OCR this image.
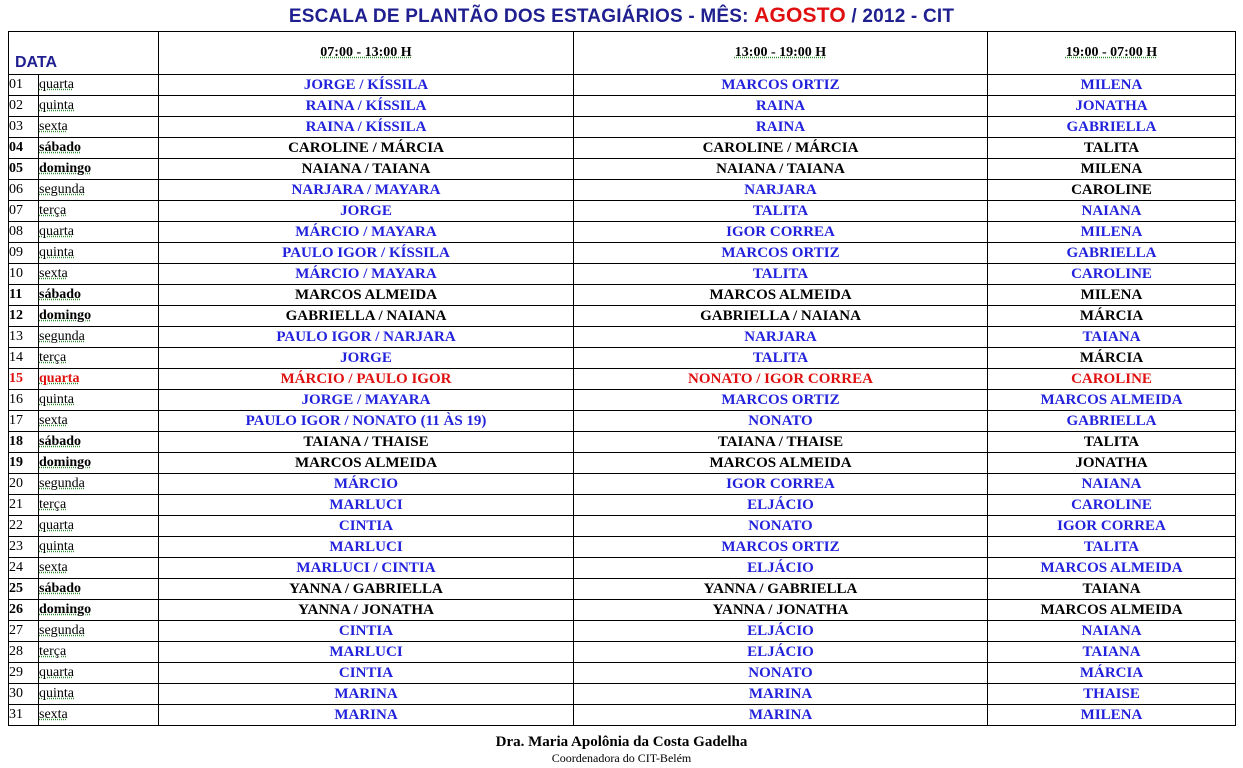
ESCALA DE PLANTÃO DOS ESTAGIÁRIOS - MÊS: AGOSTO / 2012 - CIT
DATA		07:00 - 13:00 H	13:00 - 19:00 H	19:00 - 07:00 H
01	quarta	JORGE / KÍSSILA	MARCOS ORTIZ	MILENA
02	quinta	RAINA / KÍSSILA	RAINA	JONATHA
03	sexta	RAINA / KÍSSILA	RAINA	GABRIELLA
04	sábado	CAROLINE / MÁRCIA	CAROLINE / MÁRCIA	TALITA
05	domingo	NAIANA / TAIANA	NAIANA / TAIANA	MILENA
06	segunda	NARJARA / MAYARA	NARJARA	CAROLINE
07	terça	JORGE	TALITA	NAIANA
08	quarta	MÁRCIO / MAYARA	IGOR CORREA	MILENA
09	quinta	PAULO IGOR / KÍSSILA	MARCOS ORTIZ	GABRIELLA
10	sexta	MÁRCIO / MAYARA	TALITA	CAROLINE
11	sábado	MARCOS ALMEIDA	MARCOS ALMEIDA	MILENA
12	domingo	GABRIELLA / NAIANA	GABRIELLA / NAIANA	MÁRCIA
13	segunda	PAULO IGOR / NARJARA	NARJARA	TAIANA
14	terça	JORGE	TALITA	MÁRCIA
15	quarta	MÁRCIO / PAULO IGOR	NONATO / IGOR CORREA	CAROLINE
16	quinta	JORGE / MAYARA	MARCOS ORTIZ	MARCOS ALMEIDA
17	sexta	PAULO IGOR / NONATO (11 ÀS 19)	NONATO	GABRIELLA
18	sábado	TAIANA / THAISE	TAIANA / THAISE	TALITA
19	domingo	MARCOS ALMEIDA	MARCOS ALMEIDA	JONATHA
20	segunda	MÁRCIO	IGOR CORREA	NAIANA
21	terça	MARLUCI	ELJÁCIO	CAROLINE
22	quarta	CINTIA	NONATO	IGOR CORREA
23	quinta	MARLUCI	MARCOS ORTIZ	TALITA
24	sexta	MARLUCI / CINTIA	ELJÁCIO	MARCOS ALMEIDA
25	sábado	YANNA / GABRIELLA	YANNA / GABRIELLA	TAIANA
26	domingo	YANNA / JONATHA	YANNA / JONATHA	MARCOS ALMEIDA
27	segunda	CINTIA	ELJÁCIO	NAIANA
28	terça	MARLUCI	ELJÁCIO	TAIANA
29	quarta	CINTIA	NONATO	MÁRCIA
30	quinta	MARINA	MARINA	THAISE
31	sexta	MARINA	MARINA	MILENA
Dra. Maria Apolônia da Costa Gadelha
Coordenadora do CIT-Belém
